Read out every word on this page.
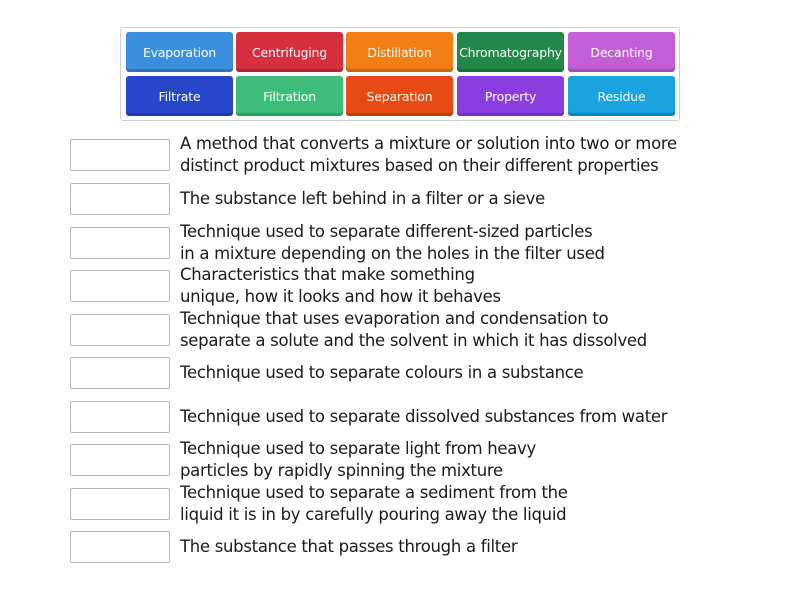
Evaporation	Centrifuging	Distillation	Chromatography	Decanting
Filtrate	Filtration	Separation	Property	Residue
A method that converts a mixture or solution into two or more
distinct product mixtures based on their different properties
The substance left behind in a filter or a sieve
Technique used to separate different-sized particles
in a mixture depending on the holes in the filter used
Characteristics that make something
unique, how it looks and how it behaves
Technique that uses evaporation and condensation to
separate a solute and the solvent in which it has dissolved
Technique used to separate colours in a substance
Technique used to separate dissolved substances from water
Technique used to separate light from heavy
particles by rapidly spinning the mixture
Technique used to separate a sediment from the
liquid it is in by carefully pouring away the liquid
The substance that passes through a filter
